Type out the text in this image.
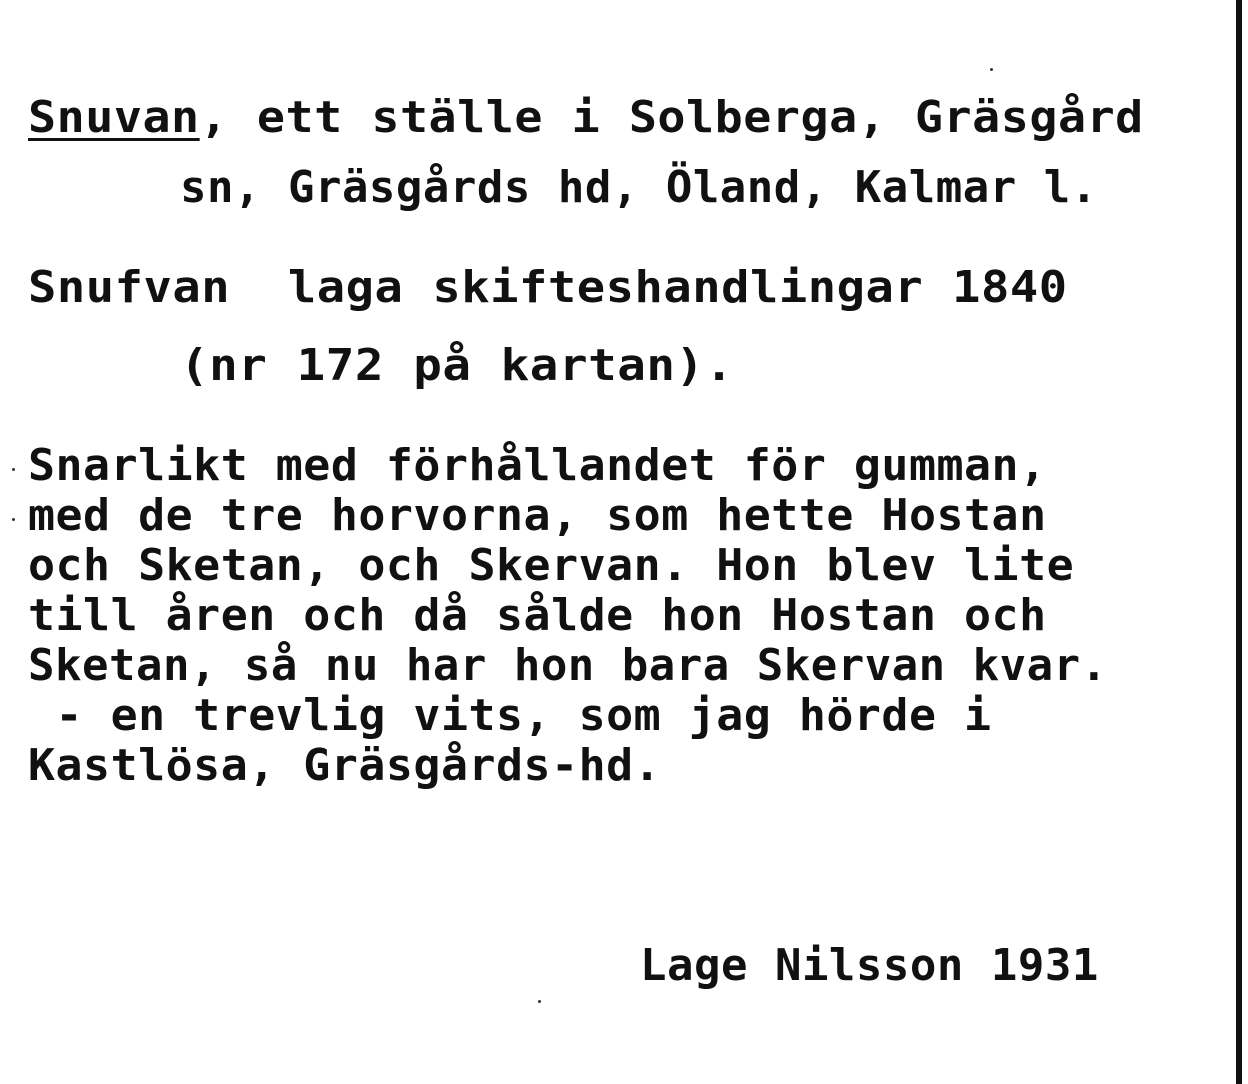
Snuvan, ett ställe i Solberga, Gräsgård
sn, Gräsgårds hd, Öland, Kalmar l.
Snufvan  laga skifteshandlingar 1840
(nr 172 på kartan).
Snarlikt med förhållandet för gumman,
med de tre horvorna, som hette Hostan
och Sketan, och Skervan. Hon blev lite
till åren och då sålde hon Hostan och
Sketan, så nu har hon bara Skervan kvar.
- en trevlig vits, som jag hörde i
Kastlösa, Gräsgårds-hd.
Lage Nilsson 1931
